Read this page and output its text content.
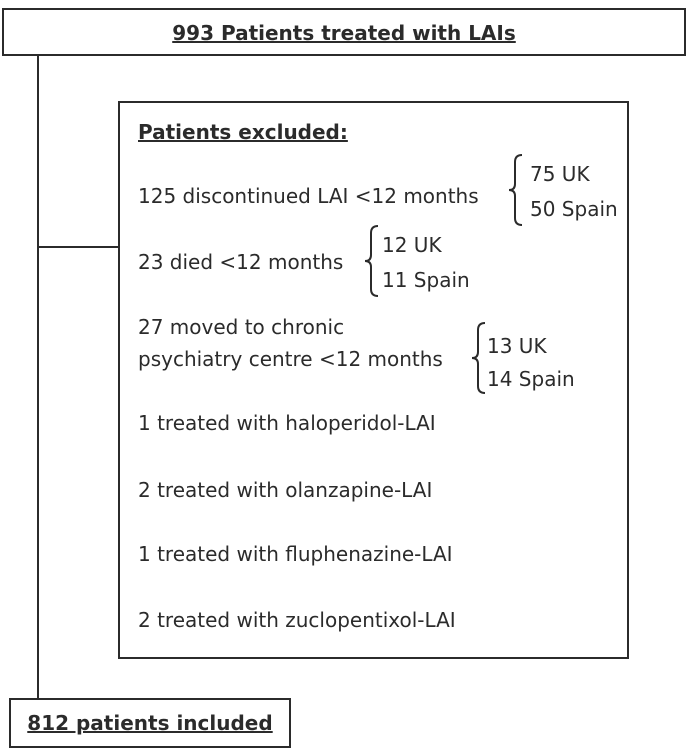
993 Patients treated with LAIs
Patients excluded:
125 discontinued LAI <12 months
75 UK
50 Spain
23 died <12 months
12 UK
11 Spain
27 moved to chronic
psychiatry centre <12 months
13 UK
14 Spain
1 treated with haloperidol-LAI
2 treated with olanzapine-LAI
1 treated with fluphenazine-LAI
2 treated with zuclopentixol-LAI
812 patients included
